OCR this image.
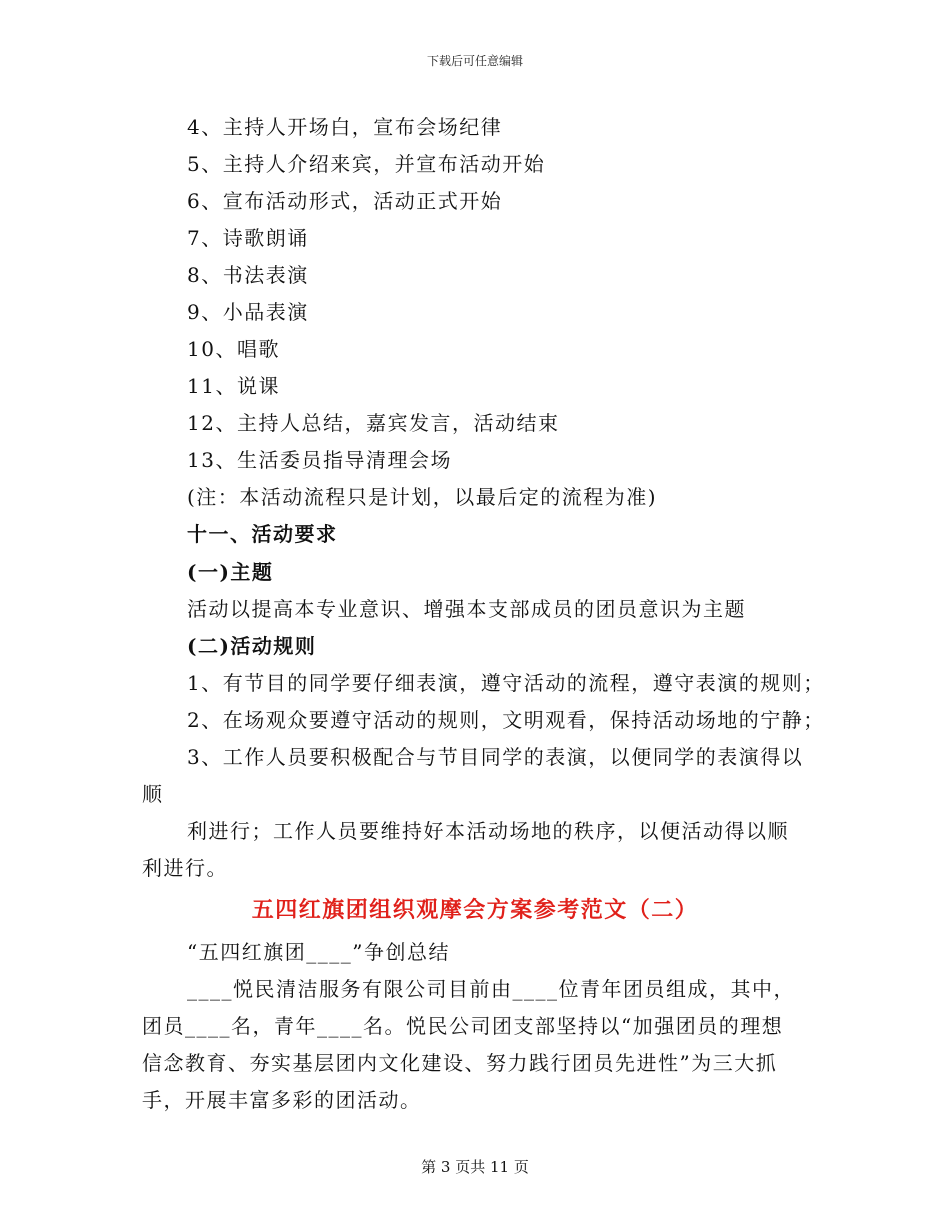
下载后可任意编辑
4、主持人开场白，宣布会场纪律
5、主持人介绍来宾，并宣布活动开始
6、宣布活动形式，活动正式开始
7、诗歌朗诵
8、书法表演
9、小品表演
10、唱歌
11、说课
12、主持人总结，嘉宾发言，活动结束
13、生活委员指导清理会场
(注：本活动流程只是计划，以最后定的流程为准)
十一、活动要求
(一)主题
活动以提高本专业意识、增强本支部成员的团员意识为主题
(二)活动规则
1、有节目的同学要仔细表演，遵守活动的流程，遵守表演的规则；
2、在场观众要遵守活动的规则，文明观看，保持活动场地的宁静；
3、工作人员要积极配合与节目同学的表演，以便同学的表演得以
顺
利进行；工作人员要维持好本活动场地的秩序，以便活动得以顺
利进行。
五四红旗团组织观摩会方案参考范文（二）
“五四红旗团____”争创总结
____悦民清洁服务有限公司目前由____位青年团员组成，其中，
团员____名，青年____名。悦民公司团支部坚持以“加强团员的理想
信念教育、夯实基层团内文化建设、努力践行团员先进性”为三大抓
手，开展丰富多彩的团活动。
第 3 页共 11 页
